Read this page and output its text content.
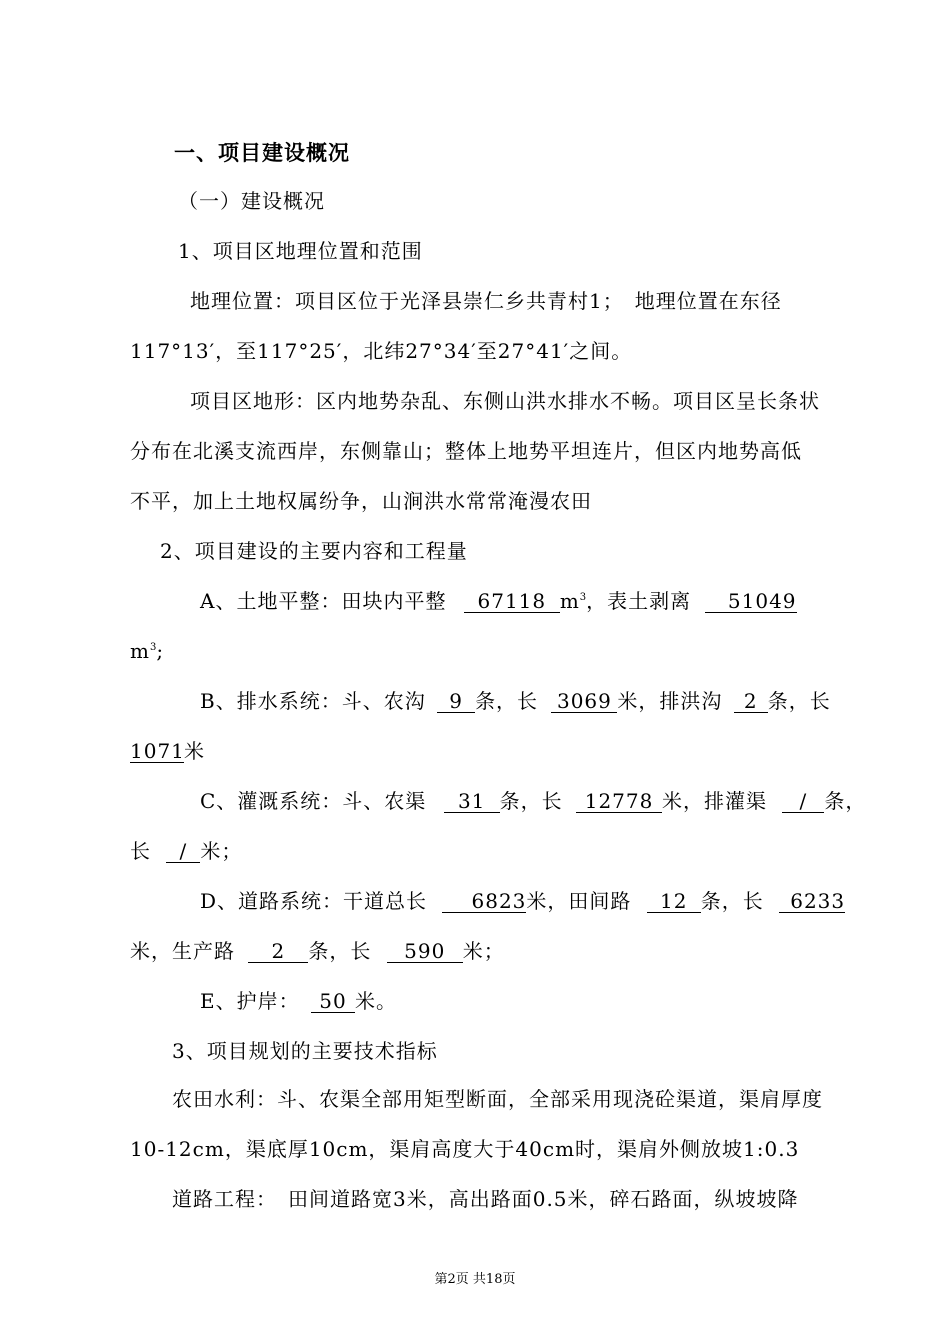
一、项目建设概况
（一）建设概况
1、项目区地理位置和范围
地理位置：项目区位于光泽县崇仁乡共青村1；　地理位置在东径
117°13′，至117°25′，北纬27°34′至27°41′之间。
项目区地形：区内地势杂乱、东侧山洪水排水不畅。项目区呈长条状
分布在北溪支流西岸，东侧靠山；整体上地势平坦连片，但区内地势高低
不平，加上土地权属纷争，山涧洪水常常淹漫农田
2、项目建设的主要内容和工程量
A、土地平整：田块内平整 67118 $m^3$，表土剥离 51049
$m^3$;
B、排水系统：斗、农沟 9 条，长 3069 米，排洪沟 2 条，长
1071米
C、灌溉系统：斗、农渠 31 条，长 12778 米，排灌渠 / 条，
长 / 米；
D、道路系统：干道总长 6823米，田间路 12 条，长 6233
米，生产路 2 条，长 590 米；
E、护岸： 50 米。
3、项目规划的主要技术指标
农田水利：斗、农渠全部用矩型断面，全部采用现浇砼渠道，渠肩厚度
10-12cm，渠底厚10cm，渠肩高度大于40cm时，渠肩外侧放坡1:0.3
道路工程：　田间道路宽3米，高出路面0.5米，碎石路面，纵坡坡降
第2页 共18页
